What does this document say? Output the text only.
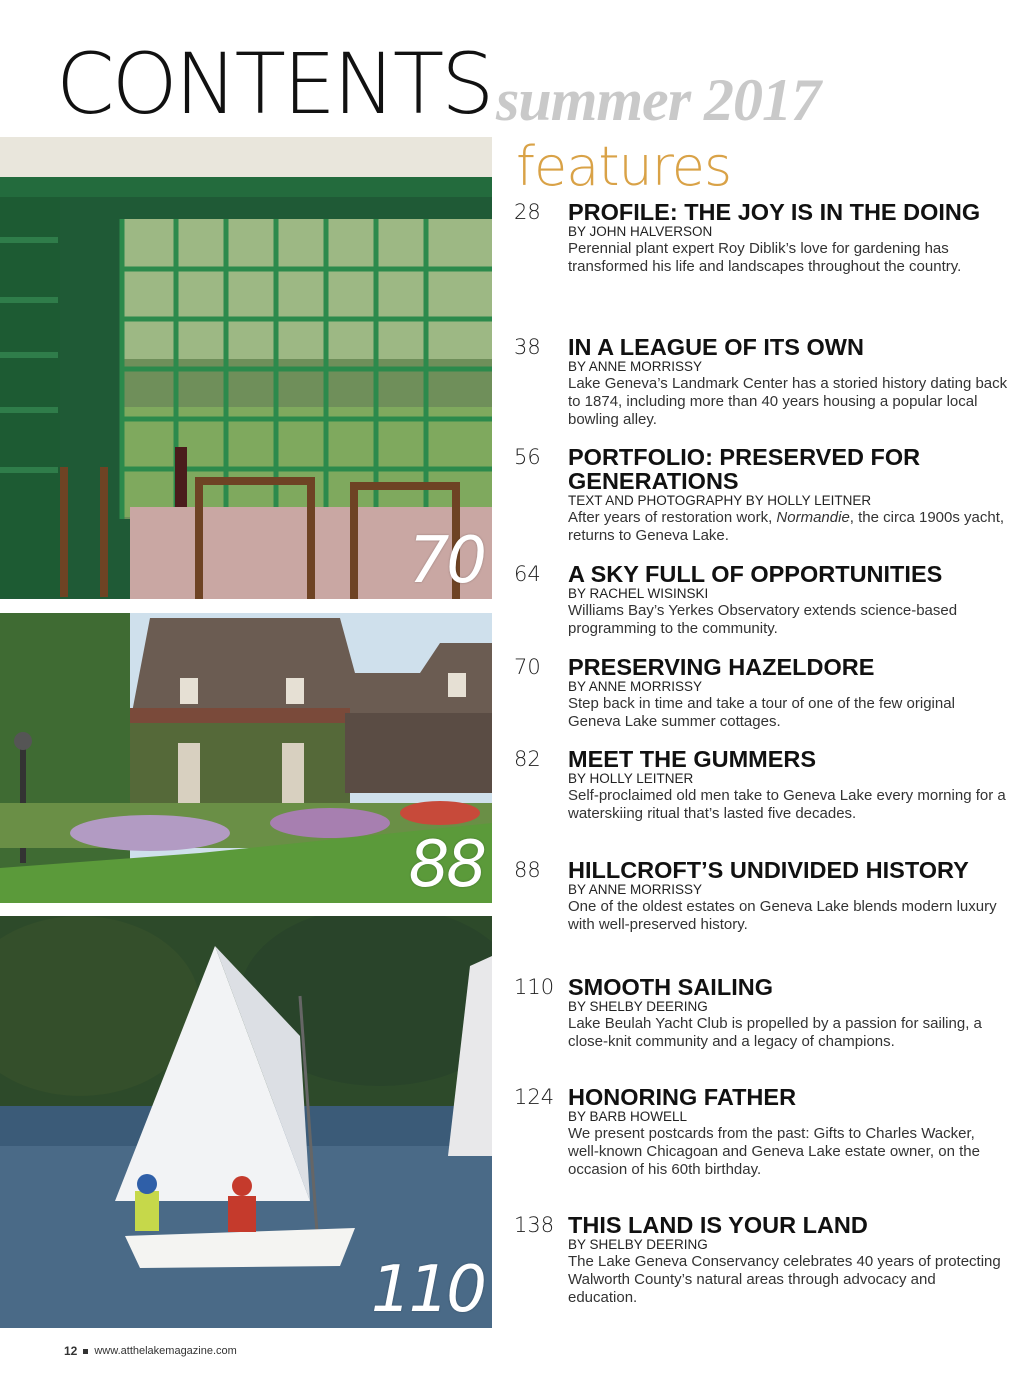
CONTENTS summer 2017
features
70
88
110
28	PROFILE: THE JOY IS IN THE DOING
BY JOHN HALVERSON
Perennial plant expert Roy Diblik’s love for gardening has transformed his life and landscapes throughout the country.
38	IN A LEAGUE OF ITS OWN
BY ANNE MORRISSY
Lake Geneva’s Landmark Center has a storied history dating back to 1874, including more than 40 years housing a popular local bowling alley.
56	PORTFOLIO: PRESERVED FOR GENERATIONS
TEXT AND PHOTOGRAPHY BY HOLLY LEITNER
After years of restoration work, Normandie, the circa 1900s yacht, returns to Geneva Lake.
64	A SKY FULL OF OPPORTUNITIES
BY RACHEL WISINSKI
Williams Bay’s Yerkes Observatory extends science-based programming to the community.
70	PRESERVING HAZELDORE
BY ANNE MORRISSY
Step back in time and take a tour of one of the few original Geneva Lake summer cottages.
82	MEET THE GUMMERS
BY HOLLY LEITNER
Self-proclaimed old men take to Geneva Lake every morning for a waterskiing ritual that’s lasted five decades.
88	HILLCROFT’S UNDIVIDED HISTORY
BY ANNE MORRISSY
One of the oldest estates on Geneva Lake blends modern luxury with well-preserved history.
110 SMOOTH SAILING
BY SHELBY DEERING
Lake Beulah Yacht Club is propelled by a passion for sailing, a close-knit community and a legacy of champions.
124 HONORING FATHER
BY BARB HOWELL
We present postcards from the past: Gifts to Charles Wacker, well-known Chicagoan and Geneva Lake estate owner, on the occasion of his 60th birthday.
138 THIS LAND IS YOUR LAND
BY SHELBY DEERING
The Lake Geneva Conservancy celebrates 40 years of protecting Walworth County’s natural areas through advocacy and education.
12 www.atthelakemagazine.com
